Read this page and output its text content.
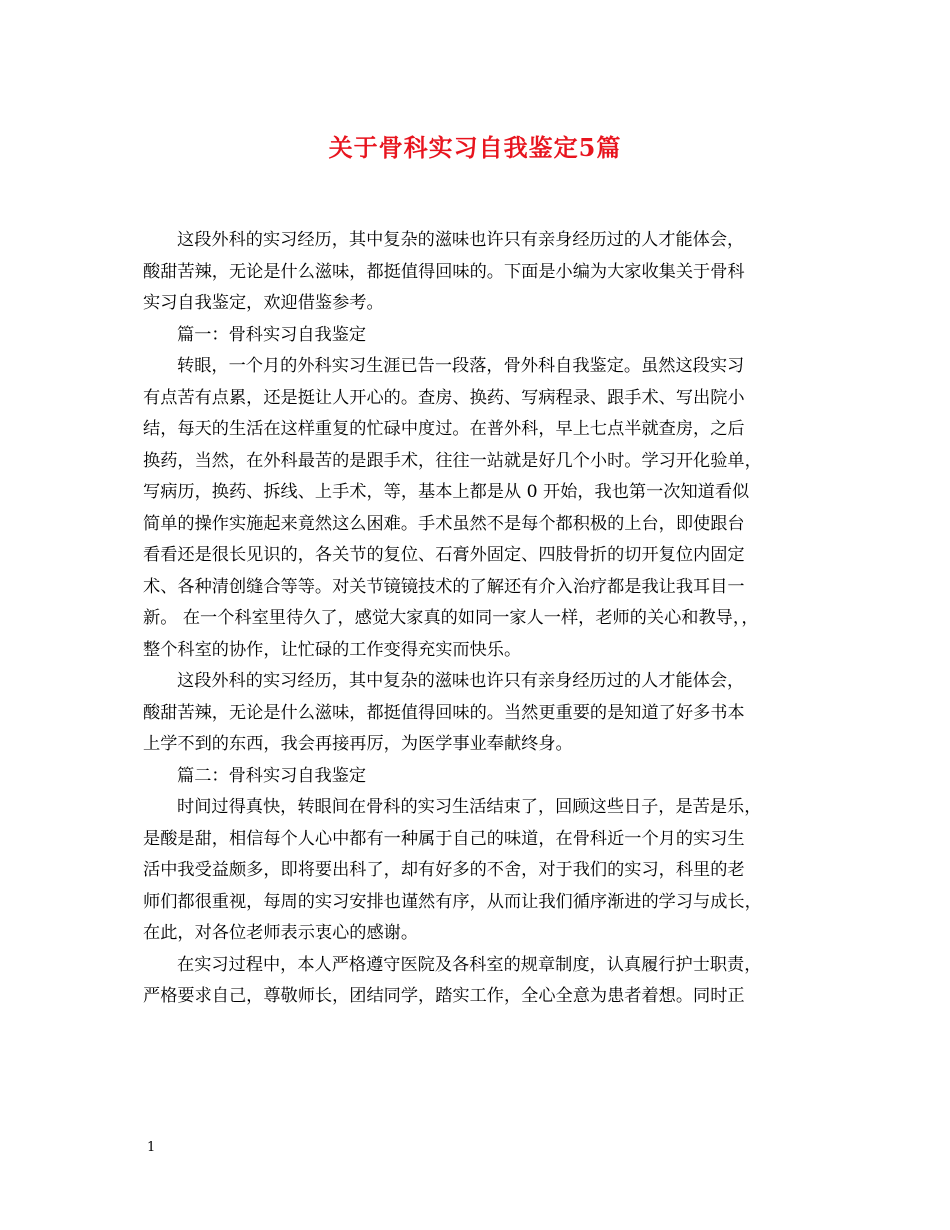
关于骨科实习自我鉴定5篇
这段外科的实习经历，其中复杂的滋味也许只有亲身经历过的人才能体会，
酸甜苦辣，无论是什么滋味，都挺值得回味的。下面是小编为大家收集关于骨科
实习自我鉴定，欢迎借鉴参考。
篇一：骨科实习自我鉴定
转眼，一个月的外科实习生涯已告一段落，骨外科自我鉴定。虽然这段实习
有点苦有点累，还是挺让人开心的。查房、换药、写病程录、跟手术、写出院小
结，每天的生活在这样重复的忙碌中度过。在普外科，早上七点半就查房，之后
换药，当然，在外科最苦的是跟手术，往往一站就是好几个小时。学习开化验单，
写病历，换药、拆线、上手术，等，基本上都是从 0 开始，我也第一次知道看似
简单的操作实施起来竟然这么困难。手术虽然不是每个都积极的上台，即使跟台
看看还是很长见识的，各关节的复位、石膏外固定、四肢骨折的切开复位内固定
术、各种清创缝合等等。对关节镜镜技术的了解还有介入治疗都是我让我耳目一
新。 在一个科室里待久了，感觉大家真的如同一家人一样，老师的关心和教导，，
整个科室的协作，让忙碌的工作变得充实而快乐。
这段外科的实习经历，其中复杂的滋味也许只有亲身经历过的人才能体会，
酸甜苦辣，无论是什么滋味，都挺值得回味的。当然更重要的是知道了好多书本
上学不到的东西，我会再接再厉，为医学事业奉献终身。
篇二：骨科实习自我鉴定
时间过得真快，转眼间在骨科的实习生活结束了，回顾这些日子，是苦是乐，
是酸是甜，相信每个人心中都有一种属于自己的味道，在骨科近一个月的实习生
活中我受益颇多，即将要出科了，却有好多的不舍，对于我们的实习，科里的老
师们都很重视，每周的实习安排也谨然有序，从而让我们循序渐进的学习与成长，
在此，对各位老师表示衷心的感谢。
在实习过程中，本人严格遵守医院及各科室的规章制度，认真履行护士职责，
严格要求自己，尊敬师长，团结同学，踏实工作，全心全意为患者着想。同时正
1
